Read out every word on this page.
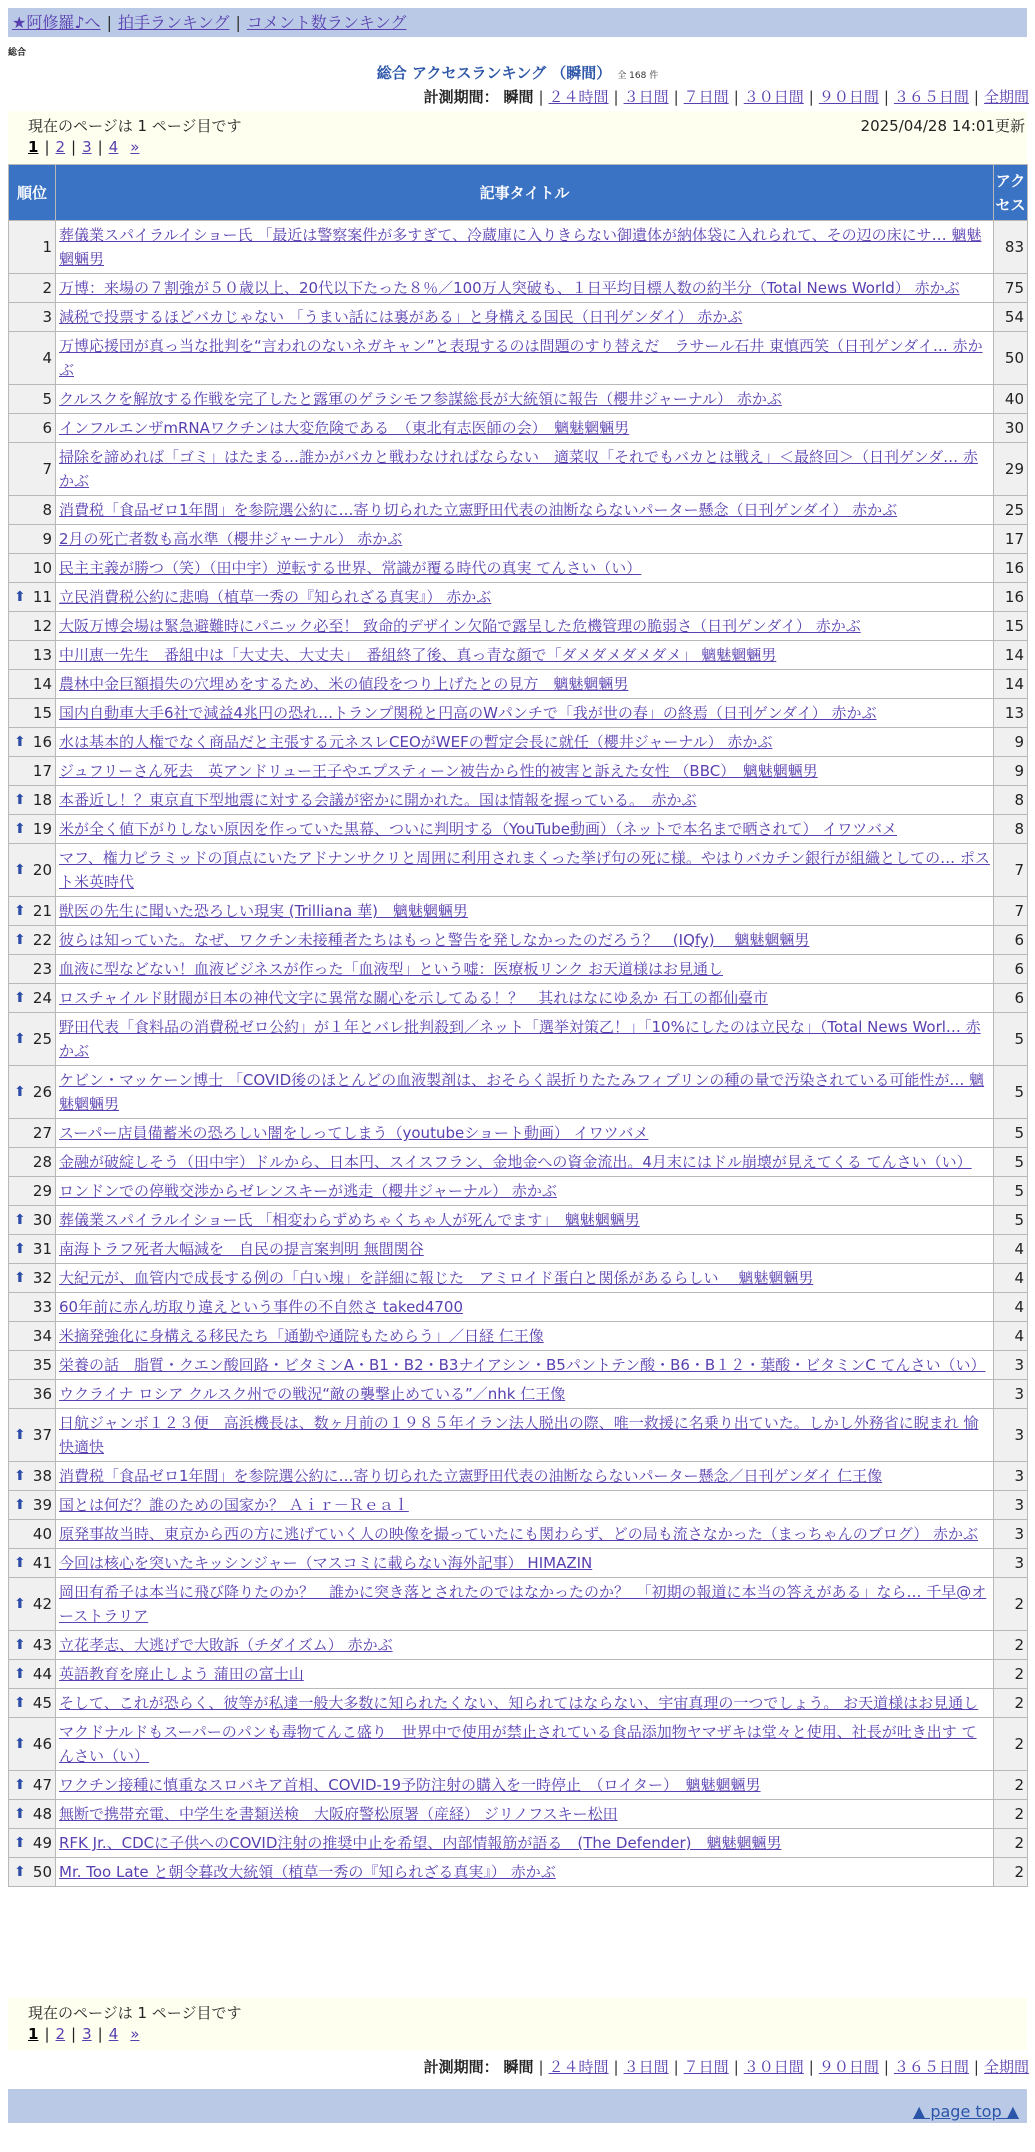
★阿修羅♪へ | 拍手ランキング | コメント数ランキング
総合
総合 アクセスランキング （瞬間） 全 168 件
計測期間： 瞬間 | ２４時間 | ３日間 | ７日間 | ３０日間 | ９０日間 | ３６５日間 | 全期間
現在のページは 1 ページ目です	2025/04/28 14:01更新
1 | 2 | 3 | 4 »
順位	記事タイトル	アクセス
1	葬儀業スパイラルイショー氏 「最近は警察案件が多すぎて、冷蔵庫に入りきらない御遺体が納体袋に入れられて、その辺の床にサ… 魑魅魍魎男	83
2	万博：来場の７割強が５０歳以上、20代以下たった８％／100万人突破も、１日平均目標人数の約半分（Total News World） 赤かぶ	75
3	減税で投票するほどバカじゃない 「うまい話には裏がある」と身構える国民（日刊ゲンダイ） 赤かぶ	54
4	万博応援団が真っ当な批判を“言われのないネガキャン”と表現するのは問題のすり替えだ　ラサール石井 東慎西笑（日刊ゲンダイ… 赤かぶ	50
5	クルスクを解放する作戦を完了したと露軍のゲラシモフ参謀総長が大統領に報告（櫻井ジャーナル） 赤かぶ	40
6	インフルエンザmRNAワクチンは大変危険である　（東北有志医師の会）　魑魅魍魎男	30
7	掃除を諦めれば「ゴミ」はたまる…誰かがバカと戦わなければならない　適菜収「それでもバカとは戦え」＜最終回＞（日刊ゲンダ… 赤かぶ	29
8	消費税「食品ゼロ1年間」を参院選公約に…寄り切られた立憲野田代表の油断ならないパーター懸念（日刊ゲンダイ） 赤かぶ	25
9	2月の死亡者数も高水準（櫻井ジャーナル） 赤かぶ	17
10	民主主義が勝つ（笑）（田中宇）逆転する世界、常識が覆る時代の真実 てんさい（い）	16

⬆ 11	立民消費税公約に悲鳴（植草一秀の『知られざる真実』） 赤かぶ	16
12	大阪万博会場は緊急避難時にパニック必至！ 致命的デザイン欠陥で露呈した危機管理の脆弱さ（日刊ゲンダイ） 赤かぶ	15
13	中川恵一先生　番組中は「大丈夫、大丈夫」　番組終了後、真っ青な顔で「ダメダメダメダメ」 魑魅魍魎男	14
14	農林中金巨額損失の穴埋めをするため、米の値段をつり上げたとの見方　魑魅魍魎男	14
15	国内自動車大手6社で減益4兆円の恐れ…トランプ関税と円高のWパンチで「我が世の春」の終焉（日刊ゲンダイ） 赤かぶ	13

⬆ 16	水は基本的人権でなく商品だと主張する元ネスレCEOがWEFの暫定会長に就任（櫻井ジャーナル） 赤かぶ	9
17	ジュフリーさん死去　英アンドリュー王子やエプスティーン被告から性的被害と訴えた女性 （BBC）　魑魅魍魎男	9

⬆ 18	本番近し！？東京直下型地震に対する会議が密かに開かれた。国は情報を握っている。　赤かぶ	8

⬆ 19	米が全く値下がりしない原因を作っていた黒幕、ついに判明する（YouTube動画）（ネットで本名まで晒されて） イワツバメ	8

⬆ 20	マフ、権力ピラミッドの頂点にいたアドナンサクリと周囲に利用されまくった挙げ句の死に様。やはりバカチン銀行が組織としての… ポスト米英時代	7

⬆ 21	獣医の先生に聞いた恐ろしい現実 (Trilliana 華)　魑魅魍魎男	7

⬆ 22	彼らは知っていた。なぜ、ワクチン未接種者たちはもっと警告を発しなかったのだろう？　(IQfy)　 魑魅魍魎男	6
23	血液に型などない！血液ビジネスが作った「血液型」という嘘：医療板リンク お天道様はお見通し	6

⬆ 24	ロスチャイルド財閥が日本の神代文字に異常な關心を示してゐる！？　其れはなにゆゑか 石工の都仙臺市	6

⬆ 25	野田代表「食料品の消費税ゼロ公約」が１年とバレ批判殺到／ネット「選挙対策乙！」「10%にしたのは立民な」（Total News Worl… 赤かぶ	5

⬆ 26	ケビン・マッケーン博士 「COVID後のほとんどの血液製剤は、おそらく誤折りたたみフィブリンの種の量で汚染されている可能性が… 魑魅魍魎男	5
27	スーパー店員備蓄米の恐ろしい闇をしってしまう（youtubeショート動画） イワツバメ	5
28	金融が破綻しそう（田中宇）ドルから、日本円、スイスフラン、金地金への資金流出。4月末にはドル崩壊が見えてくる てんさい（い）	5
29	ロンドンでの停戦交渉からゼレンスキーが逃走（櫻井ジャーナル） 赤かぶ	5

⬆ 30	葬儀業スパイラルイショー氏 「相変わらずめちゃくちゃ人が死んでます」　魑魅魍魎男	5

⬆ 31	南海トラフ死者大幅減を　自民の提言案判明 無間関谷	4

⬆ 32	大紀元が、血管内で成長する例の「白い塊」を詳細に報じた　アミロイド蛋白と関係があるらしい　 魑魅魍魎男	4
33	60年前に赤ん坊取り違えという事件の不自然さ taked4700	4
34	米摘発強化に身構える移民たち「通勤や通院もためらう」／日経 仁王像	4
35	栄養の話　脂質・クエン酸回路・ビタミンA・B1・B2・B3ナイアシン・B5パントテン酸・B6・B１２・葉酸・ビタミンC てんさい（い）	3
36	ウクライナ ロシア クルスク州での戦況“敵の襲撃止めている”／nhk 仁王像	3

⬆ 37	日航ジャンボ１２３便　高浜機長は、数ヶ月前の１９８５年イラン法人脱出の際、唯一救援に名乗り出ていた。しかし外務省に睨まれ 愉快適快	3

⬆ 38	消費税「食品ゼロ1年間」を参院選公約に…寄り切られた立憲野田代表の油断ならないパーター懸念／日刊ゲンダイ 仁王像	3

⬆ 39	国とは何だ？誰のための国家か？ Ａｉｒ－Ｒｅａｌ	3
40	原発事故当時、東京から西の方に逃げていく人の映像を撮っていたにも関わらず、どの局も流さなかった（まっちゃんのブログ） 赤かぶ	3

⬆ 41	今回は核心を突いたキッシンジャー（マスコミに載らない海外記事） HIMAZIN	3

⬆ 42	岡田有希子は本当に飛び降りたのか？　誰かに突き落とされたのではなかったのか？　「初期の報道に本当の答えがある」なら… 千早@オーストラリア	2

⬆ 43	立花孝志、大逃げで大敗訴（チダイズム） 赤かぶ	2

⬆ 44	英語教育を廃止しよう 蒲田の富士山	2

⬆ 45	そして、これが恐らく、彼等が私達一般大多数に知られたくない、知られてはならない、宇宙真理の一つでしょう。 お天道様はお見通し	2

⬆ 46	マクドナルドもスーパーのパンも毒物てんこ盛り　世界中で使用が禁止されている食品添加物ヤマザキは堂々と使用、社長が吐き出す てんさい（い）	2

⬆ 47	ワクチン接種に慎重なスロバキア首相、COVID-19予防注射の購入を一時停止　（ロイター）　魑魅魍魎男	2

⬆ 48	無断で携帯充電、中学生を書類送検　大阪府警松原署（産経） ジリノフスキー松田	2

⬆ 49	RFK Jr.、CDCに子供へのCOVID注射の推奨中止を希望、内部情報筋が語る　(The Defender)　魑魅魍魎男	2

⬆ 50	Mr. Too Late と朝令暮改大統領（植草一秀の『知られざる真実』） 赤かぶ	2
現在のページは 1 ページ目です
1 | 2 | 3 | 4 »
計測期間： 瞬間 | ２４時間 | ３日間 | ７日間 | ３０日間 | ９０日間 | ３６５日間 | 全期間
▲ page top ▲
